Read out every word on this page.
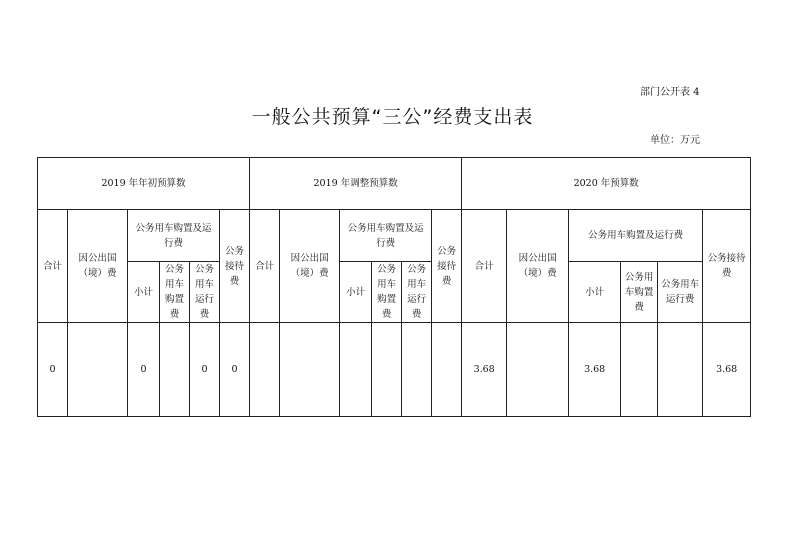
部门公开表 4
一般公共预算“三公”经费支出表
单位：万元
2019 年年初预算数						2019 年调整预算数						2020 年预算数					
合计	因公出国（境）费	公务用车购置及运行费			公务接待费	合计	因公出国（境）费	公务用车购置及运行费			公务接待费	合计	因公出国（境）费	公务用车购置及运行费			公务接待费
		小计	公务用车购置费	公务用车运行费				小计	公务用车购置费	公务用车运行费				小计	公务用车购置费	公务用车运行费	
0		0		0	0							3.68		3.68			3.68
